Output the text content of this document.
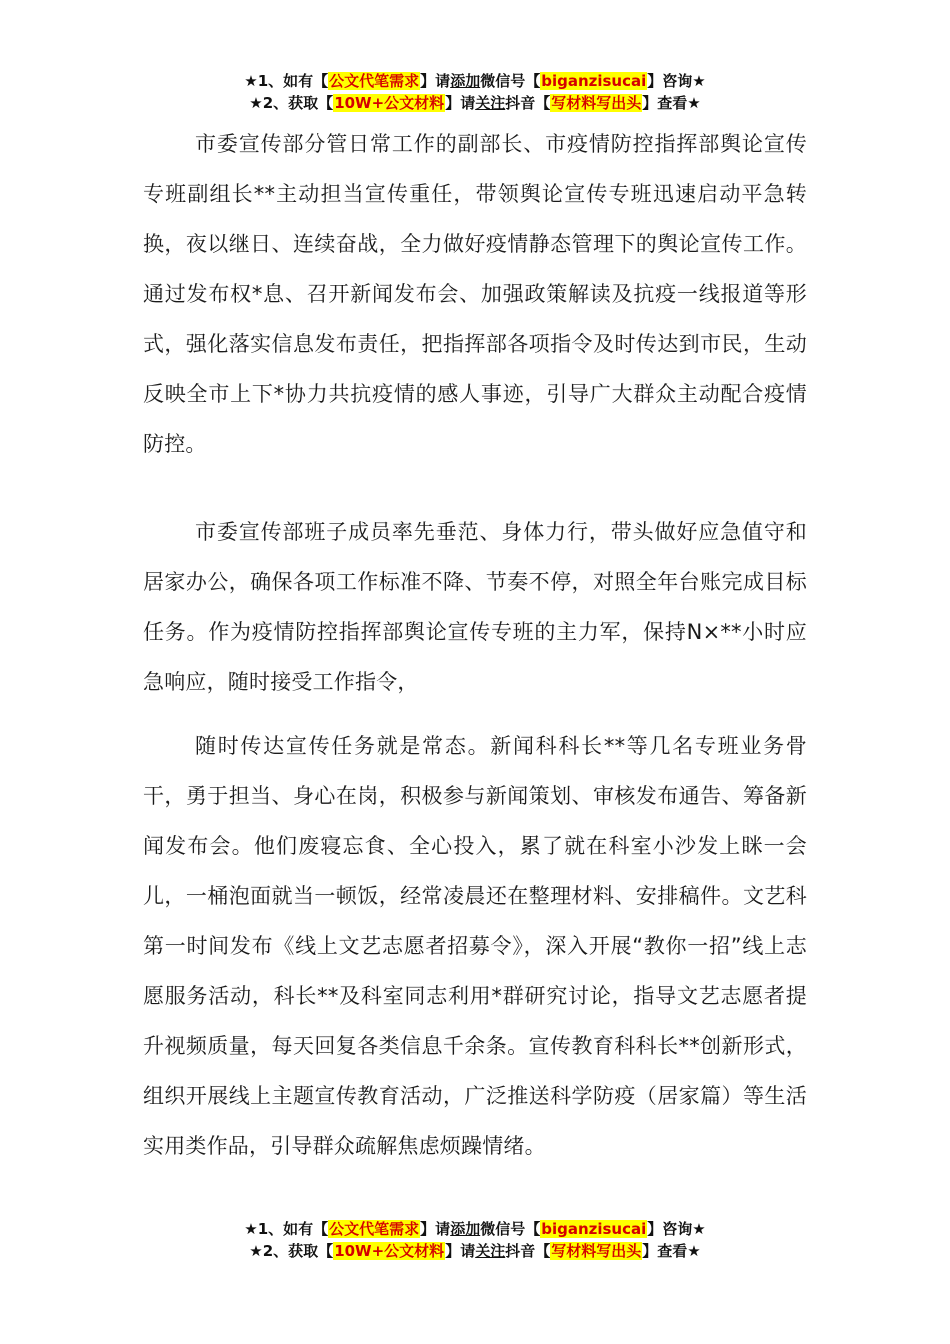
★1、如有【公文代笔需求】请添加微信号【biganzisucai】咨询★
★2、获取【10W+公文材料】请关注抖音【写材料写出头】查看★

市委宣传部分管日常工作的副部长、市疫情防控指挥部舆论宣传专班副组长**主动担当宣传重任，带领舆论宣传专班迅速启动平急转换，夜以继日、连续奋战，全力做好疫情静态管理下的舆论宣传工作。通过发布权*息、召开新闻发布会、加强政策解读及抗疫一线报道等形式，强化落实信息发布责任，把指挥部各项指令及时传达到市民，生动反映全市上下*协力共抗疫情的感人事迹，引导广大群众主动配合疫情防控。

市委宣传部班子成员率先垂范、身体力行，带头做好应急值守和居家办公，确保各项工作标准不降、节奏不停，对照全年台账完成目标任务。作为疫情防控指挥部舆论宣传专班的主力军，保持N×**小时应急响应，随时接受工作指令，

随时传达宣传任务就是常态。新闻科科长**等几名专班业务骨干，勇于担当、身心在岗，积极参与新闻策划、审核发布通告、筹备新闻发布会。他们废寝忘食、全心投入，累了就在科室小沙发上眯一会儿，一桶泡面就当一顿饭，经常凌晨还在整理材料、安排稿件。文艺科第一时间发布《线上文艺志愿者招募令》，深入开展“教你一招”线上志愿服务活动，科长**及科室同志利用*群研究讨论，指导文艺志愿者提升视频质量，每天回复各类信息千余条。宣传教育科科长**创新形式，组织开展线上主题宣传教育活动，广泛推送科学防疫（居家篇）等生活实用类作品，引导群众疏解焦虑烦躁情绪。

★1、如有【公文代笔需求】请添加微信号【biganzisucai】咨询★
★2、获取【10W+公文材料】请关注抖音【写材料写出头】查看★
